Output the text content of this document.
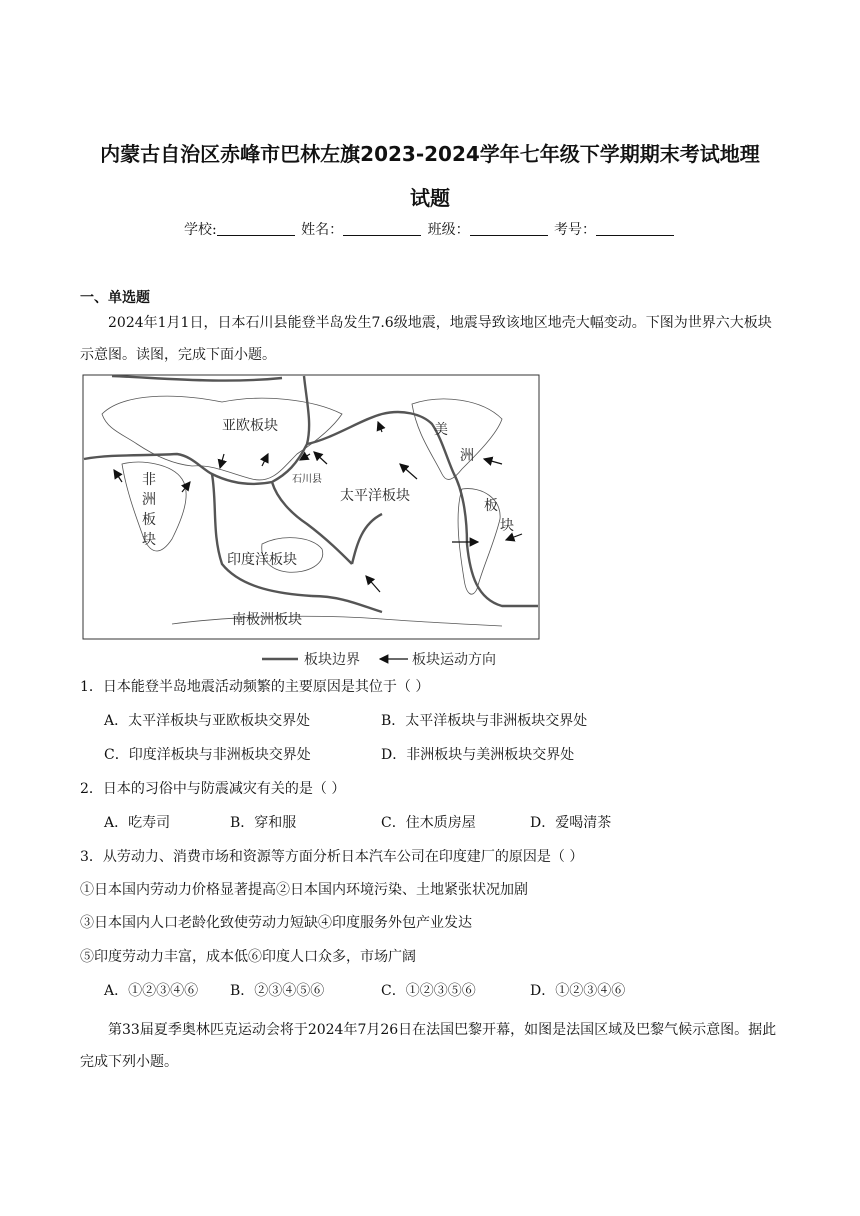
内蒙古自治区赤峰市巴林左旗2023-2024学年七年级下学期期末考试地理
试题
学校:	姓名：	班级：	考号：
一、单选题
2024年1月1日，日本石川县能登半岛发生7.6级地震，地震导致该地区地壳大幅变动。下图为世界六大板块示意图。读图，完成下面小题。
亚欧板块
石川县
太平洋板块
印度洋板块
南极洲板块
非
洲
板
块
美
洲
板
块
板块边界	板块运动方向
1．日本能登半岛地震活动频繁的主要原因是其位于（ ）
A．太平洋板块与亚欧板块交界处	B．太平洋板块与非洲板块交界处
C．印度洋板块与非洲板块交界处	D．非洲板块与美洲板块交界处
2．日本的习俗中与防震减灾有关的是（ ）
A．吃寿司	B．穿和服	C．住木质房屋	D．爱喝清茶
3．从劳动力、消费市场和资源等方面分析日本汽车公司在印度建厂的原因是（ ）
①日本国内劳动力价格显著提高②日本国内环境污染、土地紧张状况加剧
③日本国内人口老龄化致使劳动力短缺④印度服务外包产业发达
⑤印度劳动力丰富，成本低⑥印度人口众多，市场广阔
A．①②③④⑥ B．②③④⑤⑥	C．①②③⑤⑥	D．①②③④⑥
第33届夏季奥林匹克运动会将于2024年7月26日在法国巴黎开幕，如图是法国区域及巴黎气候示意图。据此完成下列小题。
